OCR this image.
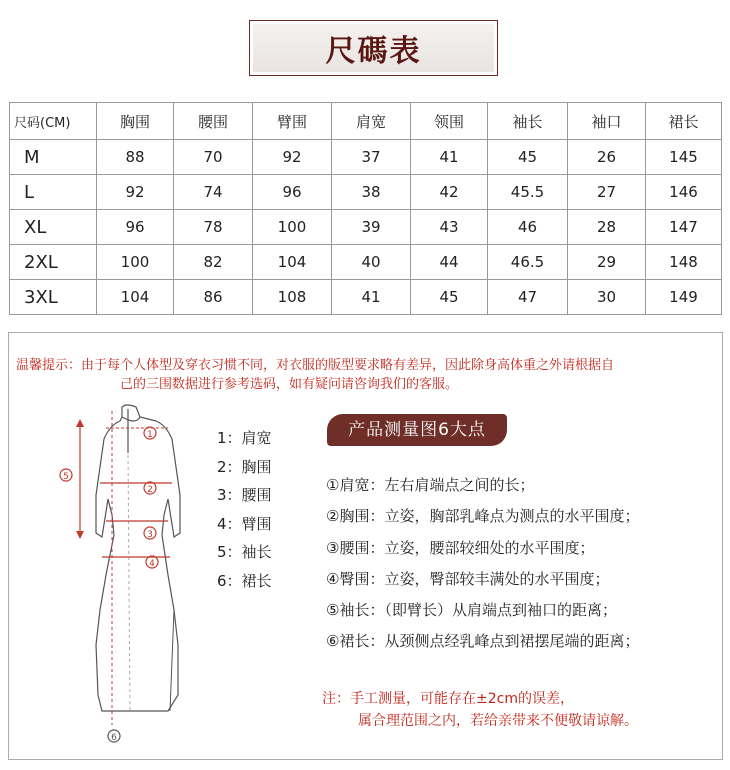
尺碼表
尺码(CM)	胸围	腰围	臂围	肩宽	领围	袖长	袖口	裙长
M	88	70	92	37	41	45	26	145
L	92	74	96	38	42	45.5	27	146
XL	96	78	100	39	43	46	28	147
2XL	100	82	104	40	44	46.5	29	148
3XL	104	86	108	41	45	47	30	149
温馨提示：由于每个人体型及穿衣习惯不同，对衣服的版型要求略有差异，因此除身高体重之外请根据自
己的三围数据进行参考选码，如有疑问请咨询我们的客服。
1
2
3
4
5
6
1：肩宽
2：胸围
3：腰围
4：臂围
5：袖长
6：裙长
产品测量图6大点
①肩宽：左右肩端点之间的长；
②胸围：立姿，胸部乳峰点为测点的水平围度；
③腰围：立姿，腰部较细处的水平围度；
④臀围：立姿，臀部较丰满处的水平围度；
⑤袖长：（即臂长）从肩端点到袖口的距离；
⑥裙长：从颈侧点经乳峰点到裙摆尾端的距离；
注：手工测量，可能存在±2cm的误差，
属合理范围之内，若给亲带来不便敬请谅解。
